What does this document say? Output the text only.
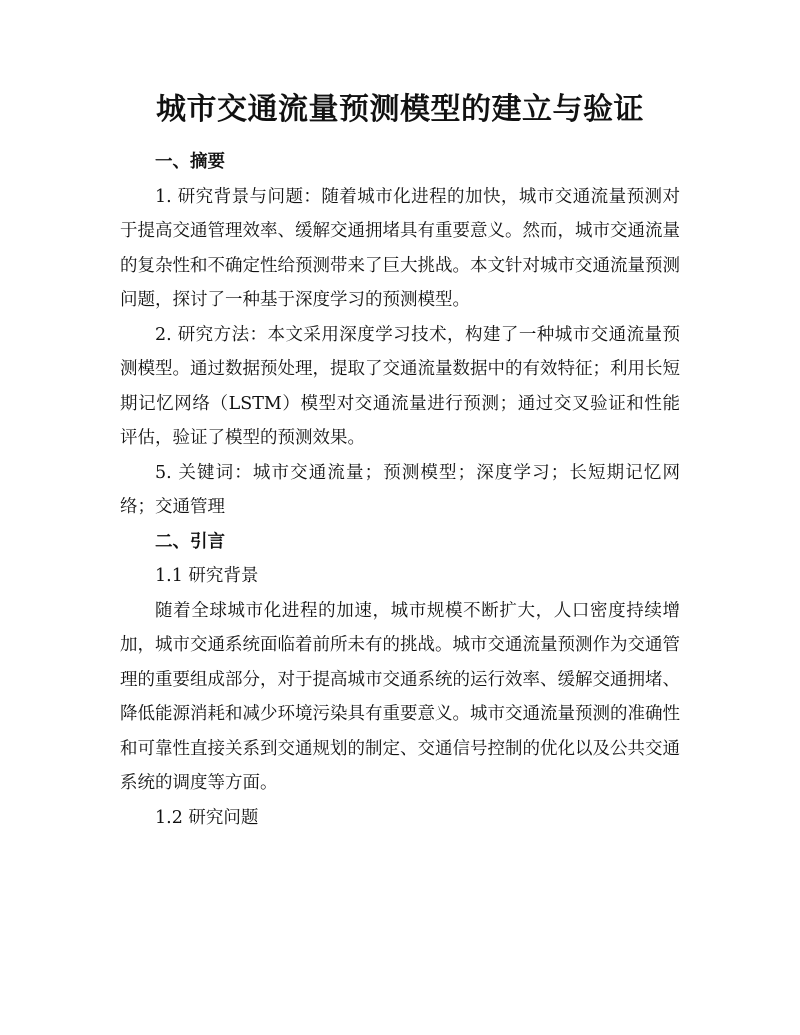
城市交通流量预测模型的建立与验证
一、摘要

1. 研究背景与问题：随着城市化进程的加快，城市交通流量预测对于提高交通管理效率、缓解交通拥堵具有重要意义。然而，城市交通流量的复杂性和不确定性给预测带来了巨大挑战。本文针对城市交通流量预测问题，探讨了一种基于深度学习的预测模型。

2. 研究方法：本文采用深度学习技术，构建了一种城市交通流量预测模型。通过数据预处理，提取了交通流量数据中的有效特征；利用长短期记忆网络（LSTM）模型对交通流量进行预测；通过交叉验证和性能评估，验证了模型的预测效果。

5. 关键词：城市交通流量；预测模型；深度学习；长短期记忆网络；交通管理

二、引言
1.1 研究背景

随着全球城市化进程的加速，城市规模不断扩大，人口密度持续增加，城市交通系统面临着前所未有的挑战。城市交通流量预测作为交通管理的重要组成部分，对于提高城市交通系统的运行效率、缓解交通拥堵、降低能源消耗和减少环境污染具有重要意义。城市交通流量预测的准确性和可靠性直接关系到交通规划的制定、交通信号控制的优化以及公共交通系统的调度等方面。

1.2 研究问题
